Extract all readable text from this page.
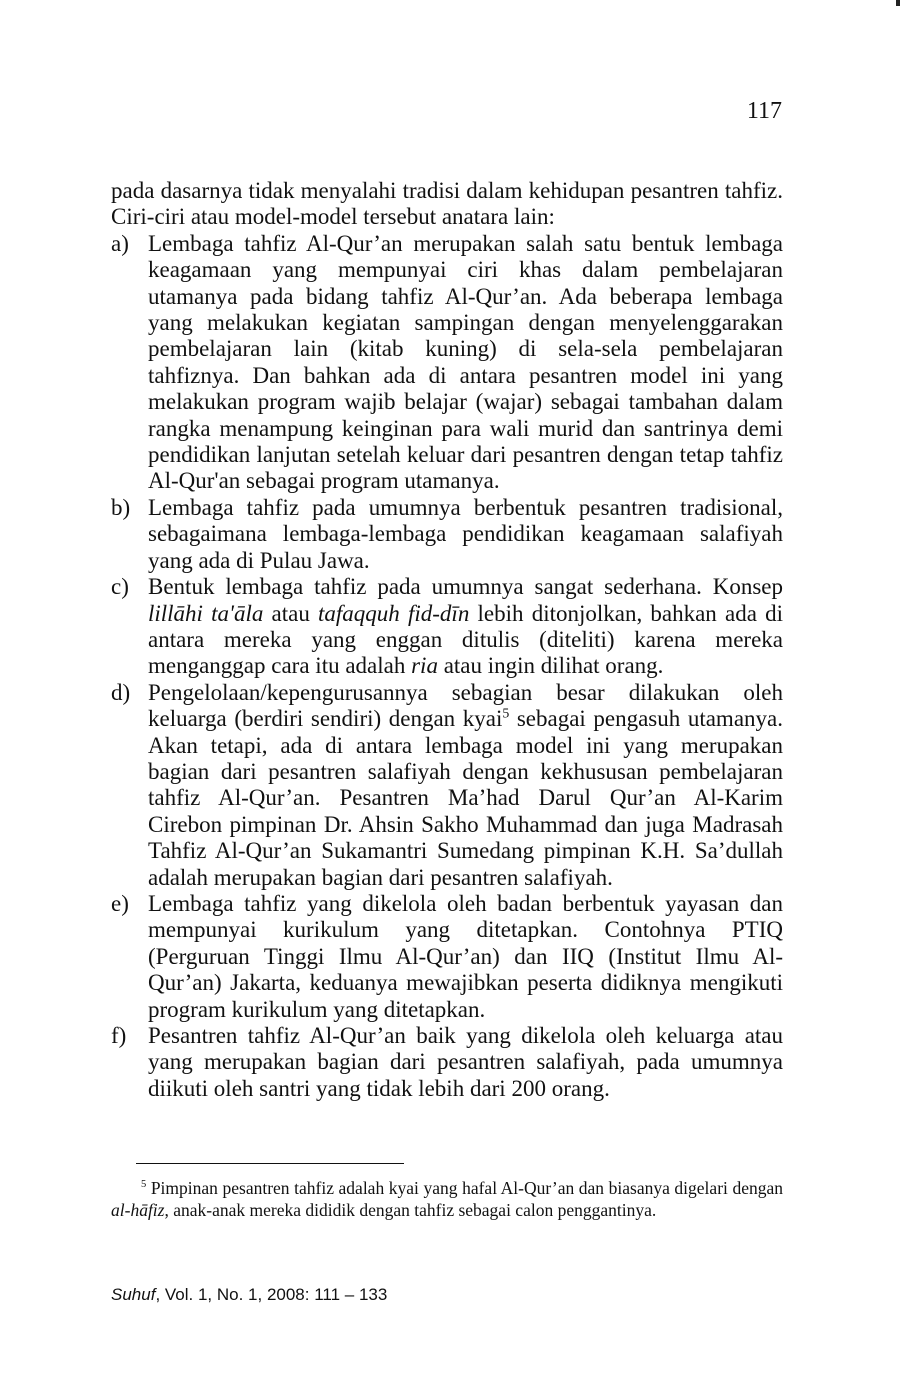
117

pada dasarnya tidak menyalahi tradisi dalam kehidupan pesantren tahfiz. Ciri-ciri atau model-model tersebut anatara lain:

a) Lembaga tahfiz Al-Qur’an merupakan salah satu bentuk lembaga keagamaan yang mempunyai ciri khas dalam pembelajaran utamanya pada bidang tahfiz Al-Qur’an. Ada beberapa lembaga yang melakukan kegiatan sampingan dengan menyelenggarakan pembelajaran lain (kitab kuning) di sela-sela pembelajaran tahfiznya. Dan bahkan ada di antara pesantren model ini yang melakukan program wajib belajar (wajar) sebagai tambahan dalam rangka menampung keinginan para wali murid dan santrinya demi pendidikan lanjutan setelah keluar dari pesantren dengan tetap tahfiz Al-Qur'an sebagai program utamanya.
b) Lembaga tahfiz pada umumnya berbentuk pesantren tradisional, sebagaimana lembaga-lembaga pendidikan keagamaan salafiyah yang ada di Pulau Jawa.
c) Bentuk lembaga tahfiz pada umumnya sangat sederhana. Konsep lillāhi ta'āla atau tafaqquh fid-dīn lebih ditonjolkan, bahkan ada di antara mereka yang enggan ditulis (diteliti) karena mereka menganggap cara itu adalah ria atau ingin dilihat orang.
d) Pengelolaan/kepengurusannya sebagian besar dilakukan oleh keluarga (berdiri sendiri) dengan kyai$^5$ sebagai pengasuh utamanya. Akan tetapi, ada di antara lembaga model ini yang merupakan bagian dari pesantren salafiyah dengan kekhususan pembelajaran tahfiz Al-Qur’an. Pesantren Ma’had Darul Qur’an Al-Karim Cirebon pimpinan Dr. Ahsin Sakho Muhammad dan juga Madrasah Tahfiz Al-Qur’an Sukamantri Sumedang pimpinan K.H. Sa’dullah adalah merupakan bagian dari pesantren salafiyah.
e) Lembaga tahfiz yang dikelola oleh badan berbentuk yayasan dan mempunyai kurikulum yang ditetapkan. Contohnya PTIQ (Perguruan Tinggi Ilmu Al-Qur’an) dan IIQ (Institut Ilmu Al-Qur’an) Jakarta, keduanya mewajibkan peserta didiknya mengikuti program kurikulum yang ditetapkan.
f) Pesantren tahfiz Al-Qur’an baik yang dikelola oleh keluarga atau yang merupakan bagian dari pesantren salafiyah, pada umumnya diikuti oleh santri yang tidak lebih dari 200 orang.

$^5$ Pimpinan pesantren tahfiz adalah kyai yang hafal Al-Qur’an dan biasanya digelari dengan al-hāfiz, anak-anak mereka dididik dengan tahfiz sebagai calon penggantinya.

Suhuf, Vol. 1, No. 1, 2008: 111 – 133
